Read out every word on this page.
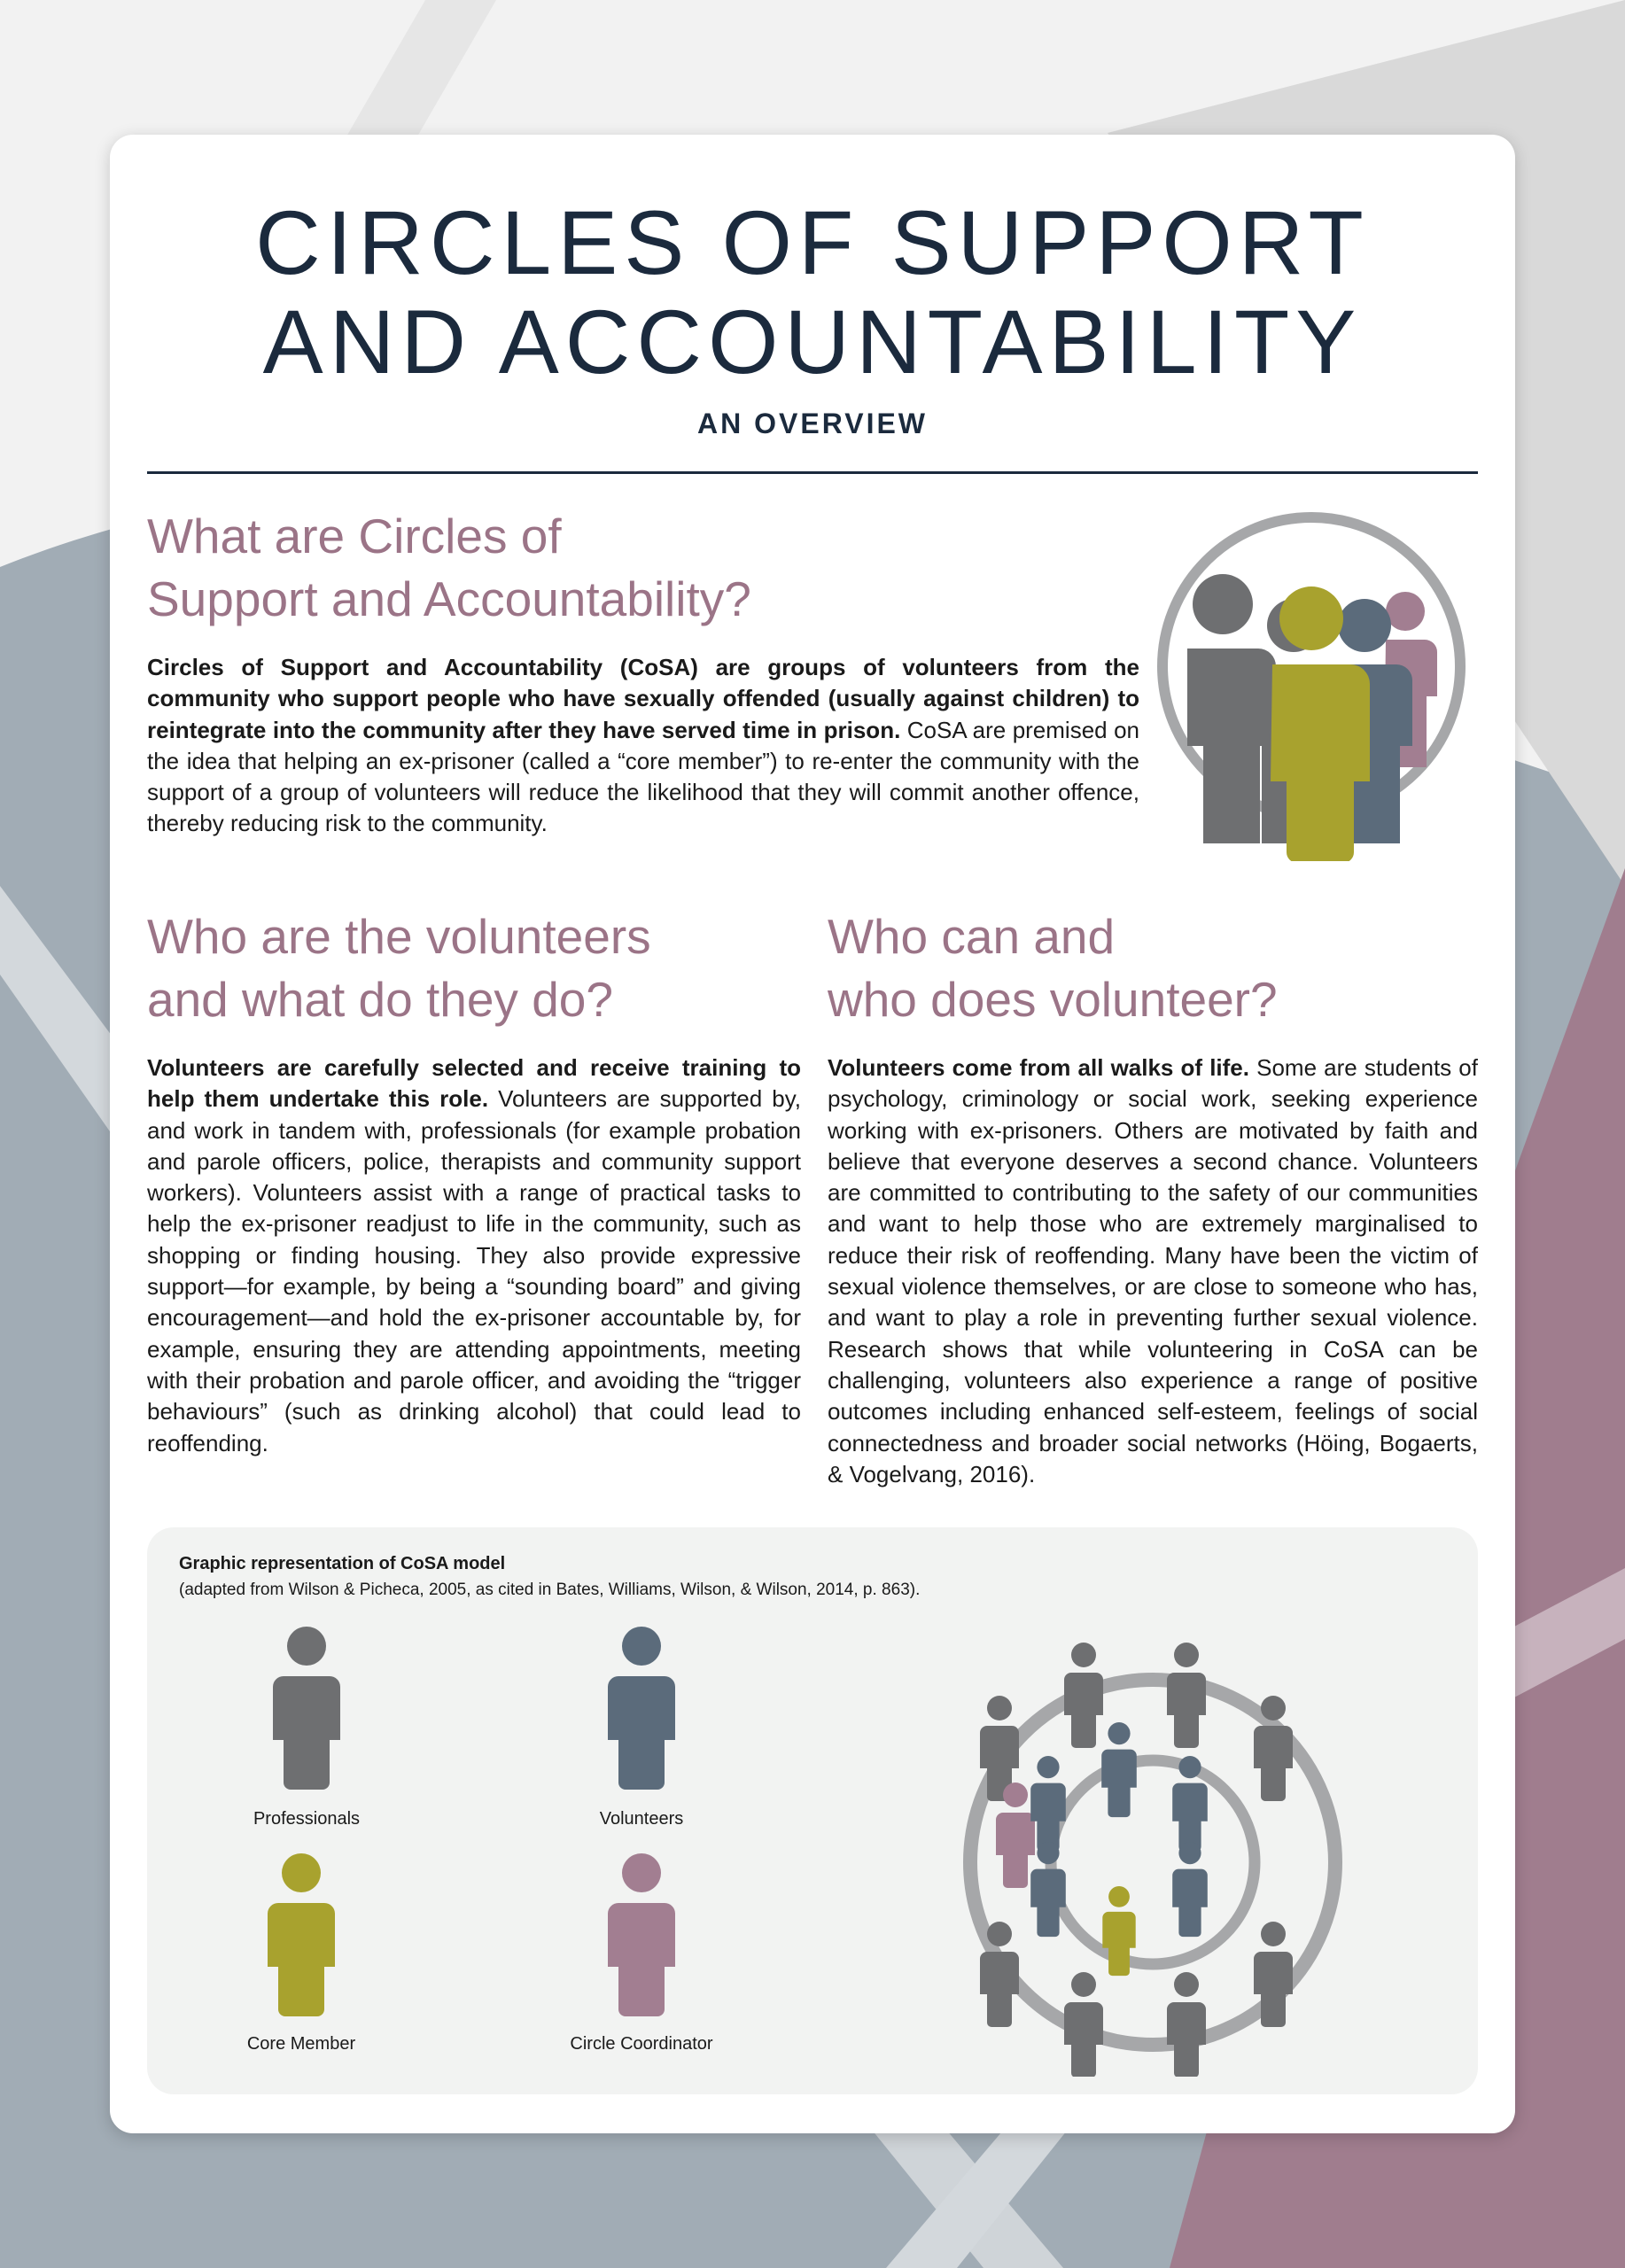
CIRCLES OF SUPPORT
AND ACCOUNTABILITY
AN OVERVIEW
What are Circles of
Support and Accountability?

Circles of Support and Accountability (CoSA) are groups of volunteers from the community who support people who have sexually offended (usually against children) to reintegrate into the community after they have served time in prison. CoSA are premised on the idea that helping an ex-prisoner (called a “core member”) to re-enter the community with the support of a group of volunteers will reduce the likelihood that they will commit another offence, thereby reducing risk to the community.

Who are the volunteers
and what do they do?

Volunteers are carefully selected and receive training to help them undertake this role. Volunteers are supported by, and work in tandem with, professionals (for example probation and parole officers, police, therapists and community support workers). Volunteers assist with a range of practical tasks to help the ex-prisoner readjust to life in the community, such as shopping or finding housing. They also provide expressive support—for example, by being a “sounding board” and giving encouragement—and hold the ex-prisoner accountable by, for example, ensuring they are attending appointments, meeting with their probation and parole officer, and avoiding the “trigger behaviours” (such as drinking alcohol) that could lead to reoffending.

Who can and
who does volunteer?

Volunteers come from all walks of life. Some are students of psychology, criminology or social work, seeking experience working with ex-prisoners. Others are motivated by faith and believe that everyone deserves a second chance. Volunteers are committed to contributing to the safety of our communities and want to help those who are extremely marginalised to reduce their risk of reoffending. Many have been the victim of sexual violence themselves, or are close to someone who has, and want to play a role in preventing further sexual violence. Research shows that while volunteering in CoSA can be challenging, volunteers also experience a range of positive outcomes including enhanced self-esteem, feelings of social connectedness and broader social networks (Höing, Bogaerts, & Vogelvang, 2016).

Graphic representation of CoSA model
(adapted from Wilson & Picheca, 2005, as cited in Bates, Williams, Wilson, & Wilson, 2014, p. 863).
Professionals	Volunteers
Core Member	Circle Coordinator
